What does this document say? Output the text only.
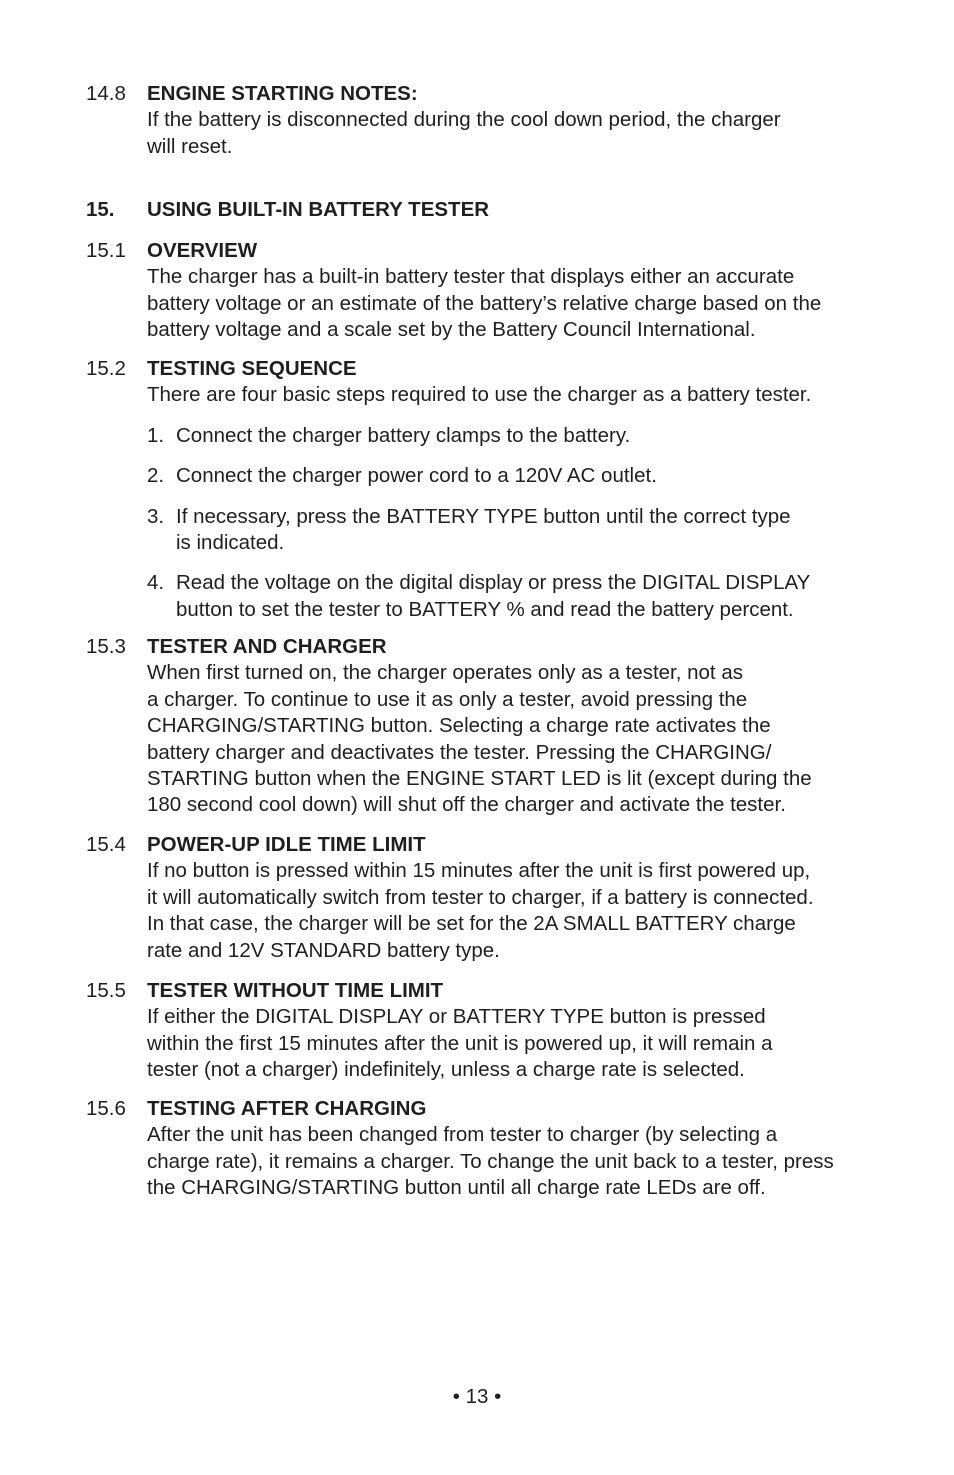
14.8 ENGINE STARTING NOTES:
If the battery is disconnected during the cool down period, the charger
will reset.
15. USING BUILT-IN BATTERY TESTER
15.1 OVERVIEW
The charger has a built-in battery tester that displays either an accurate
battery voltage or an estimate of the battery’s relative charge based on the
battery voltage and a scale set by the Battery Council International.
15.2 TESTING SEQUENCE
There are four basic steps required to use the charger as a battery tester.
1. Connect the charger battery clamps to the battery.
2. Connect the charger power cord to a 120V AC outlet.
3. If necessary, press the BATTERY TYPE button until the correct type
is indicated.
4. Read the voltage on the digital display or press the DIGITAL DISPLAY
button to set the tester to BATTERY % and read the battery percent.
15.3 TESTER AND CHARGER
When first turned on, the charger operates only as a tester, not as
a charger. To continue to use it as only a tester, avoid pressing the
CHARGING/STARTING button. Selecting a charge rate activates the
battery charger and deactivates the tester. Pressing the CHARGING/
STARTING button when the ENGINE START LED is lit (except during the
180 second cool down) will shut off the charger and activate the tester.
15.4 POWER-UP IDLE TIME LIMIT
If no button is pressed within 15 minutes after the unit is first powered up,
it will automatically switch from tester to charger, if a battery is connected.
In that case, the charger will be set for the 2A SMALL BATTERY charge
rate and 12V STANDARD battery type.
15.5 TESTER WITHOUT TIME LIMIT
If either the DIGITAL DISPLAY or BATTERY TYPE button is pressed
within the first 15 minutes after the unit is powered up, it will remain a
tester (not a charger) indefinitely, unless a charge rate is selected.
15.6 TESTING AFTER CHARGING
After the unit has been changed from tester to charger (by selecting a
charge rate), it remains a charger. To change the unit back to a tester, press
the CHARGING/STARTING button until all charge rate LEDs are off.
• 13 •
